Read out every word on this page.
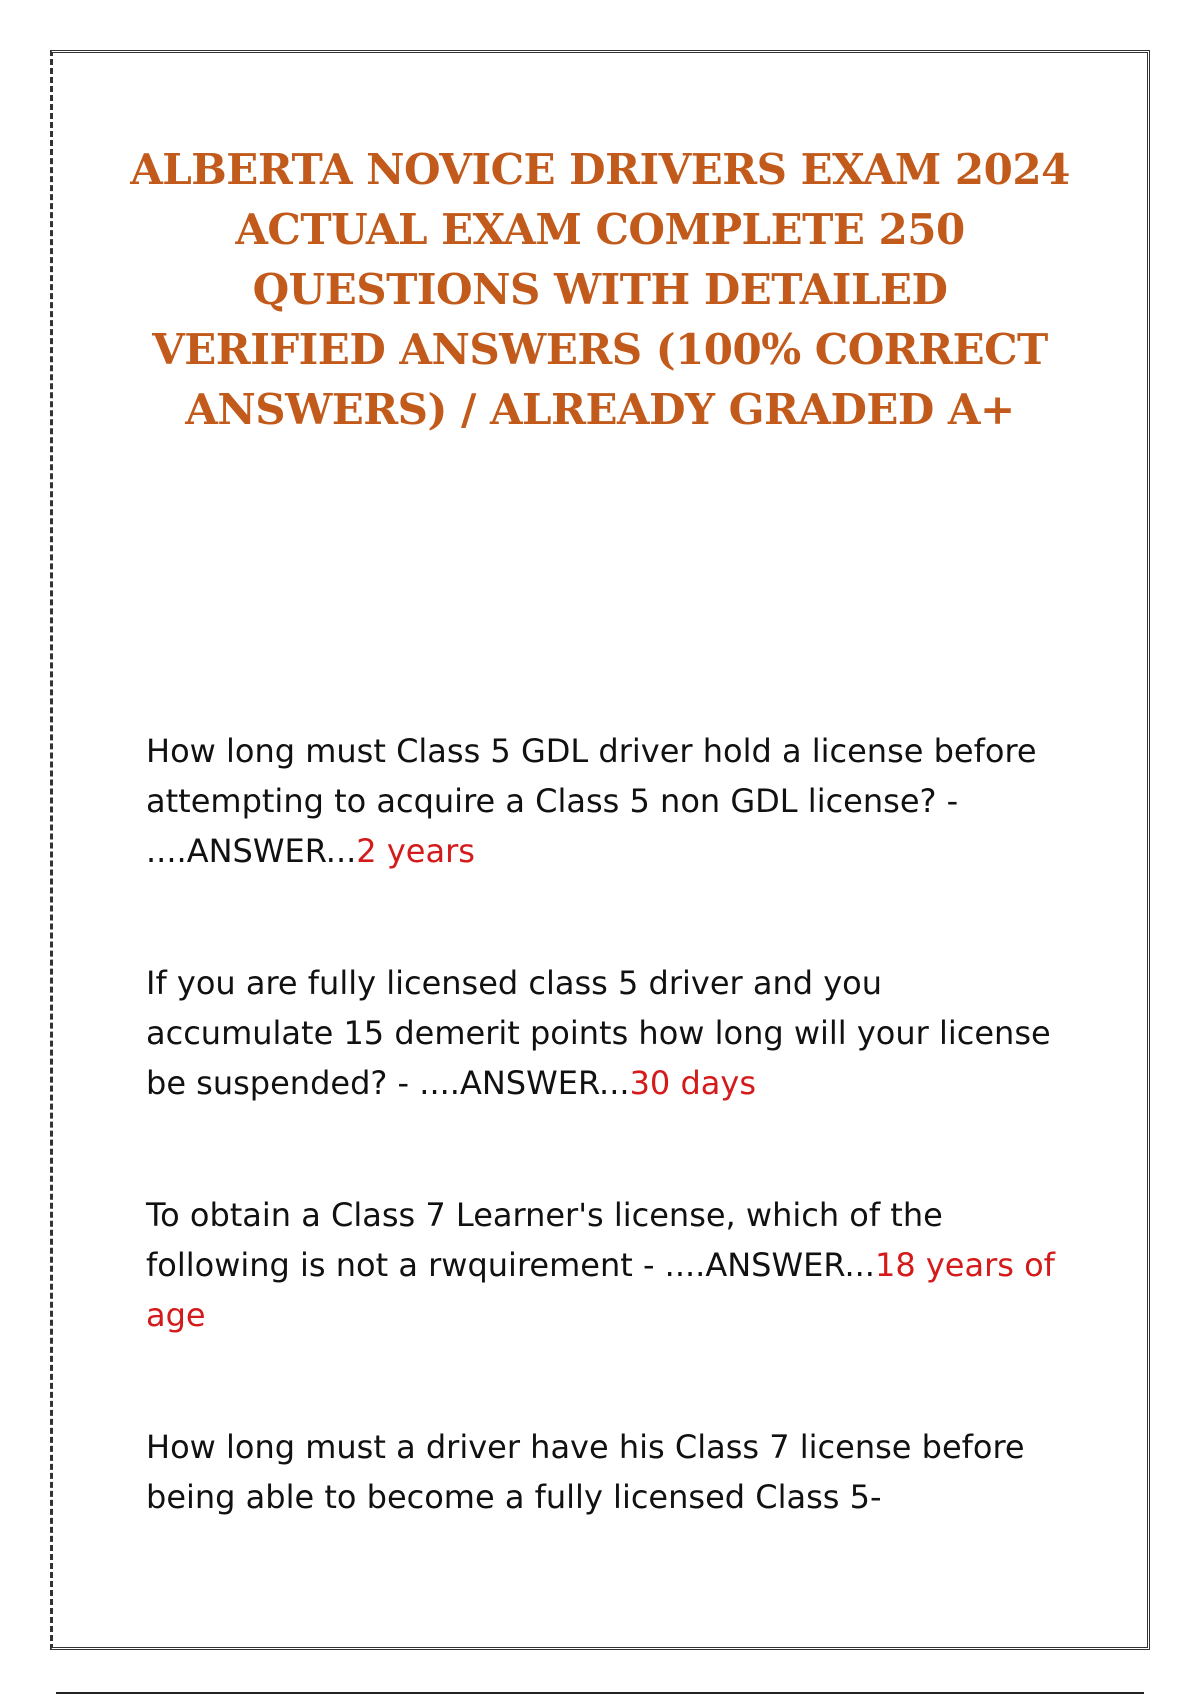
ALBERTA NOVICE DRIVERS EXAM 2024 ACTUAL EXAM COMPLETE 250 QUESTIONS WITH DETAILED VERIFIED ANSWERS (100% CORRECT ANSWERS) / ALREADY GRADED A+

How long must Class 5 GDL driver hold a license before attempting to acquire a Class 5 non GDL license? - ....ANSWER...2 years

If you are fully licensed class 5 driver and you accumulate 15 demerit points how long will your license be suspended? - ....ANSWER...30 days

To obtain a Class 7 Learner's license, which of the following is not a rwquirement - ....ANSWER...18 years of age

How long must a driver have his Class 7 license before being able to become a fully licensed Class 5-
